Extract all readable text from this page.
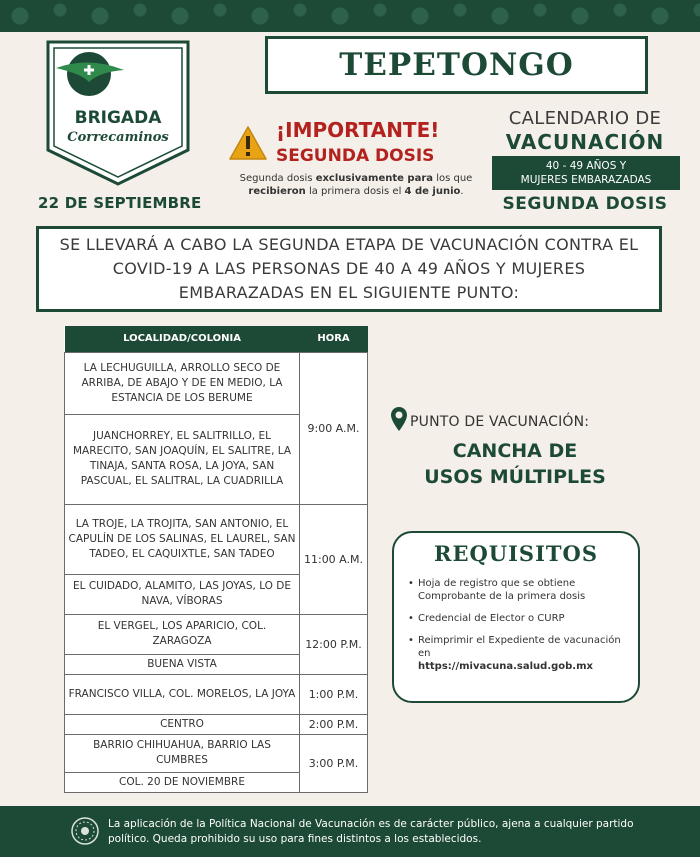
BRIGADA
Correcaminos
22 DE SEPTIEMBRE
TEPETONGO
¡IMPORTANTE!
SEGUNDA DOSIS
Segunda dosis exclusivamente para los que recibieron la primera dosis el 4 de junio.
CALENDARIO DE
VACUNACIÓN
40 - 49 AÑOS Y
MUJERES EMBARAZADAS
SEGUNDA DOSIS

SE LLEVARÁ A CABO LA SEGUNDA ETAPA DE VACUNACIÓN CONTRA EL COVID-19 A LAS PERSONAS DE 40 A 49 AÑOS Y MUJERES EMBARAZADAS EN EL SIGUIENTE PUNTO:

LOCALIDAD/COLONIA	HORA
LA LECHUGUILLA, ARROLLO SECO DE ARRIBA, DE ABAJO Y DE EN MEDIO, LA ESTANCIA DE LOS BERUME	9:00 A.M.
JUANCHORREY, EL SALITRILLO, EL MARECITO, SAN JOAQUÍN, EL SALITRE, LA TINAJA, SANTA ROSA, LA JOYA, SAN PASCUAL, EL SALITRAL, LA CUADRILLA	
LA TROJE, LA TROJITA, SAN ANTONIO, EL CAPULÍN DE LOS SALINAS, EL LAUREL, SAN TADEO, EL CAQUIXTLE, SAN TADEO	11:00 A.M.
EL CUIDADO, ALAMITO, LAS JOYAS, LO DE NAVA, VÍBORAS	
EL VERGEL, LOS APARICIO, COL. ZARAGOZA	12:00 P.M.
BUENA VISTA	
FRANCISCO VILLA, COL. MORELOS, LA JOYA	1:00 P.M.
CENTRO	2:00 P.M.
BARRIO CHIHUAHUA, BARRIO LAS CUMBRES	3:00 P.M.
COL. 20 DE NOVIEMBRE	
PUNTO DE VACUNACIÓN:
CANCHA DE
USOS MÚLTIPLES
REQUISITOS
• Hoja de registro que se obtiene Comprobante de la primera dosis
• Credencial de Elector o CURP
• Reimprimir el Expediente de vacunación en
https://mivacuna.salud.gob.mx
La aplicación de la Política Nacional de Vacunación es de carácter público, ajena a cualquier partido político. Queda prohibido su uso para fines distintos a los establecidos.
